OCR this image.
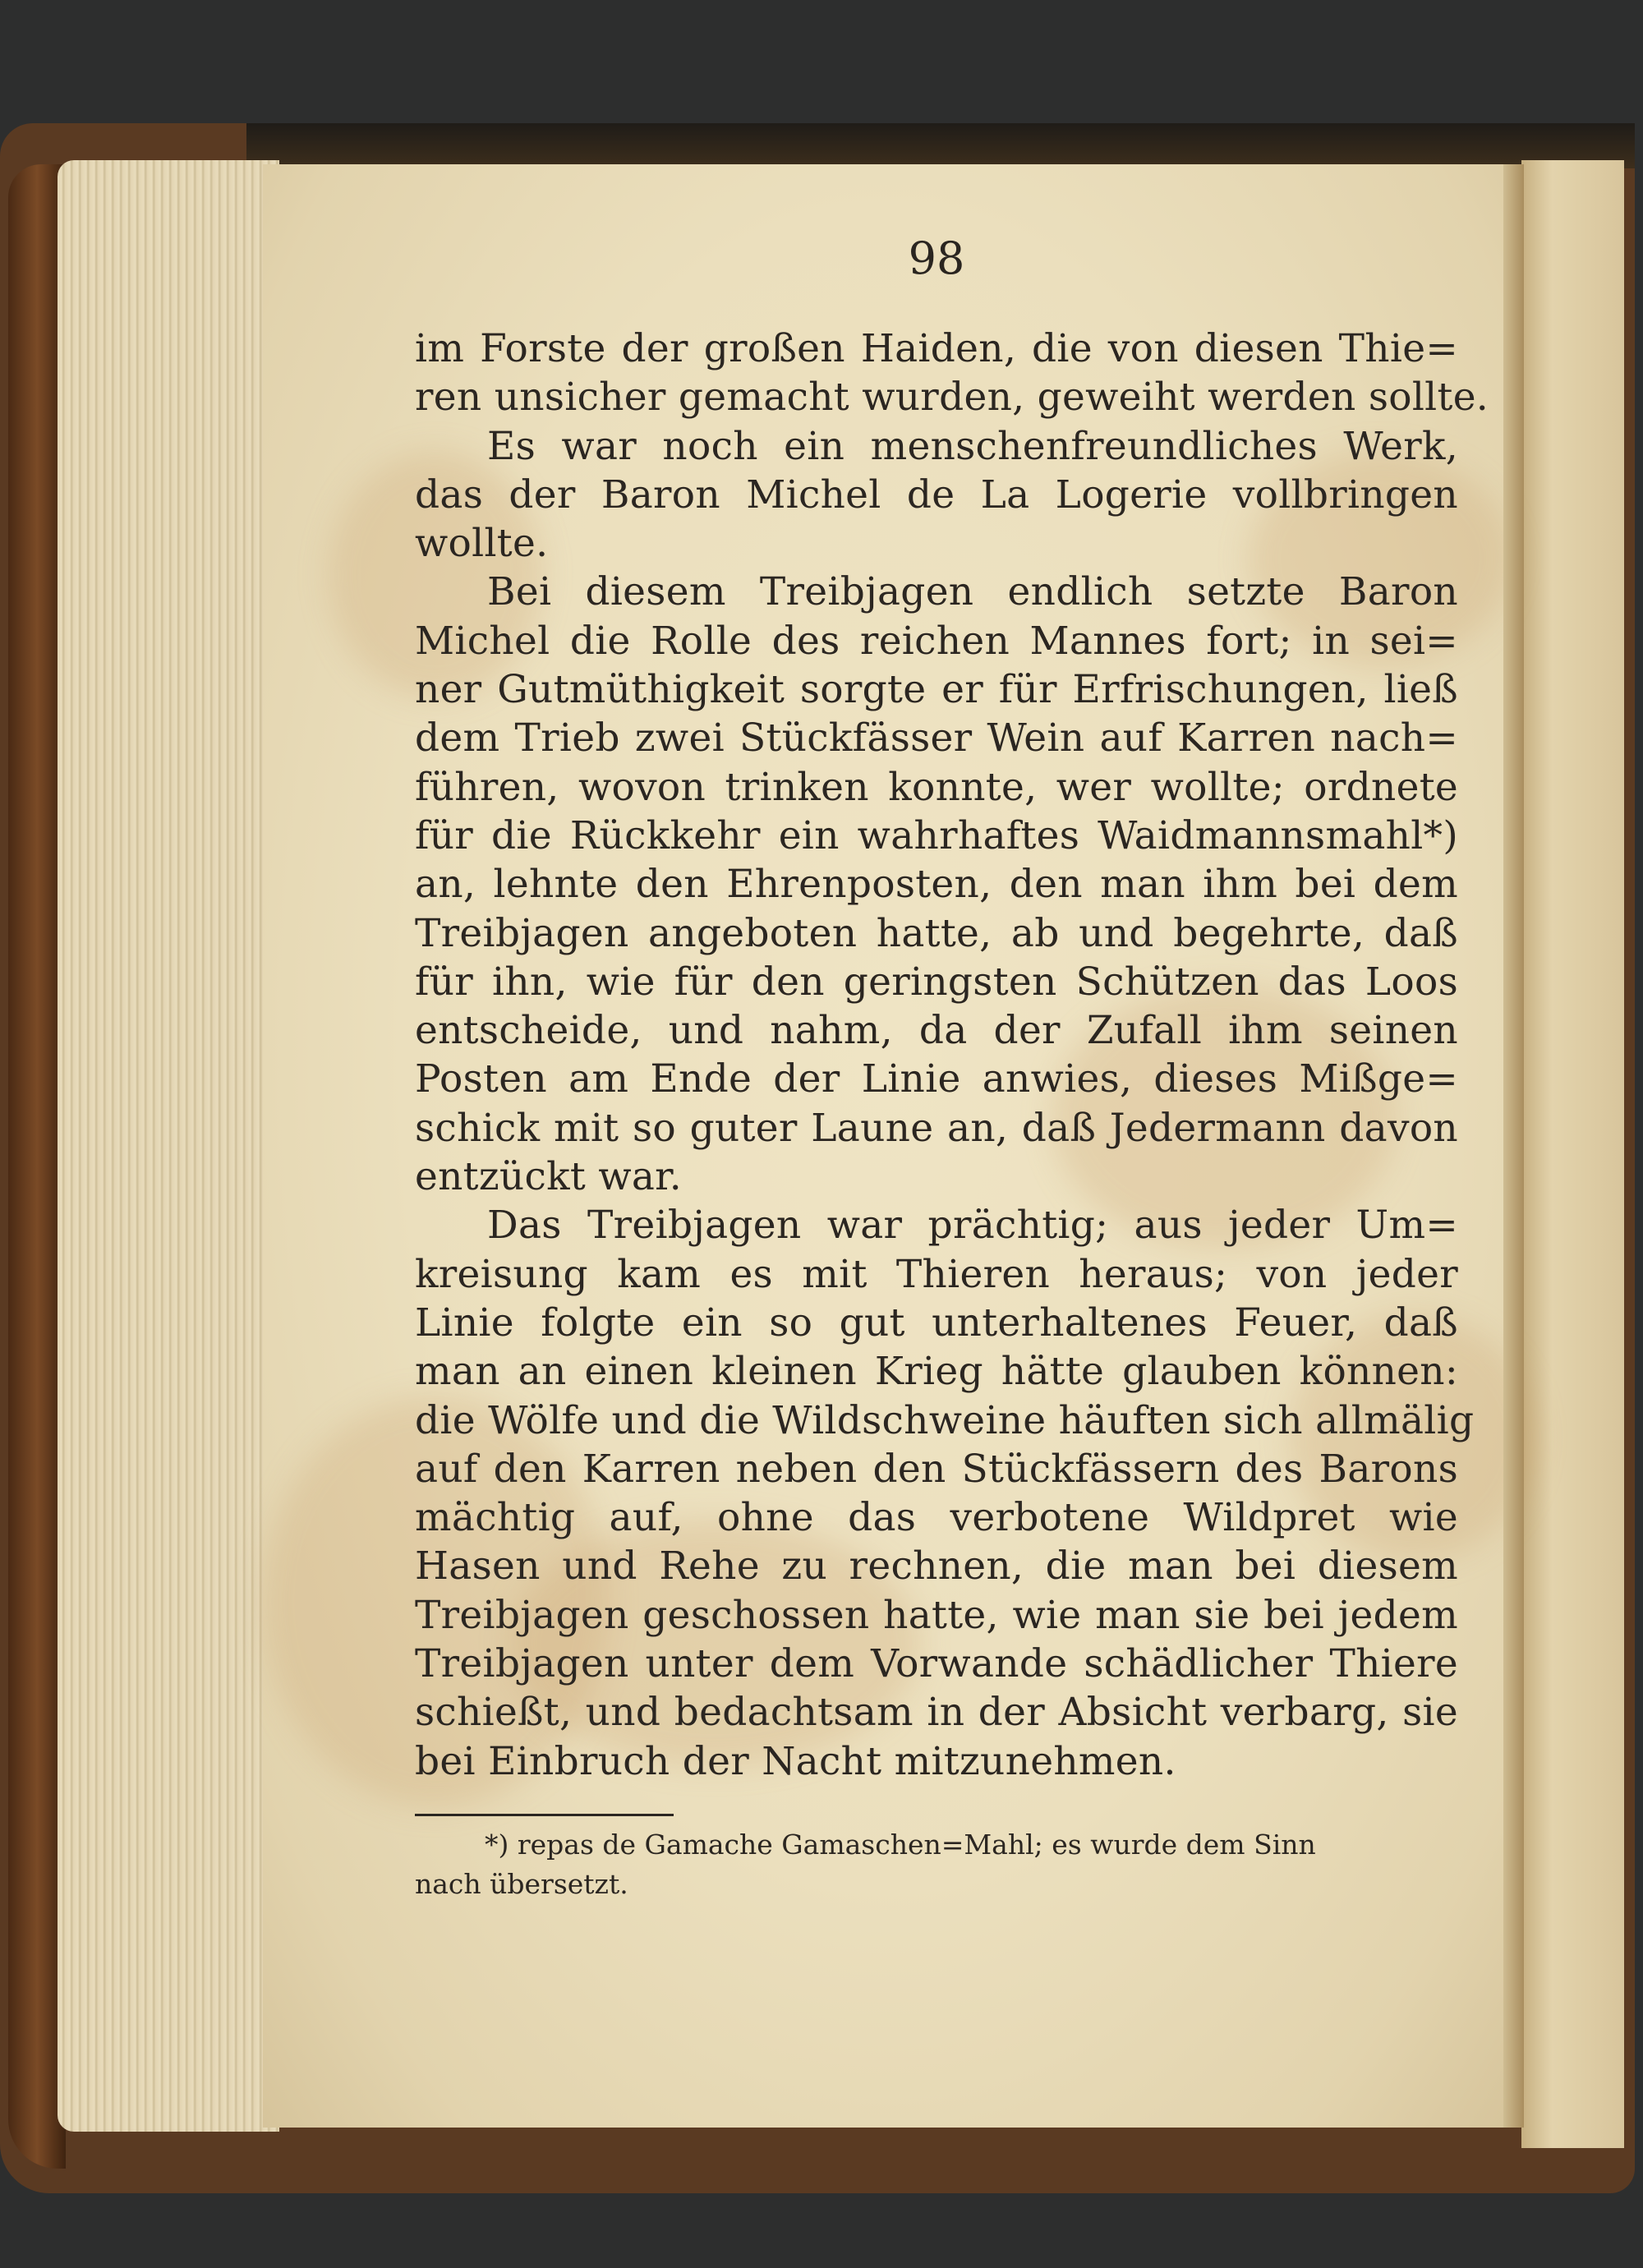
98
im Forste der großen Haiden, die von diesen Thie=
ren unsicher gemacht wurden, geweiht werden sollte.
Es war noch ein menschenfreundliches Werk,
das der Baron Michel de La Logerie vollbringen
wollte.
Bei diesem Treibjagen endlich setzte Baron
Michel die Rolle des reichen Mannes fort; in sei=
ner Gutmüthigkeit sorgte er für Erfrischungen, ließ
dem Trieb zwei Stückfässer Wein auf Karren nach=
führen, wovon trinken konnte, wer wollte; ordnete
für die Rückkehr ein wahrhaftes Waidmannsmahl*)
an, lehnte den Ehrenposten, den man ihm bei dem
Treibjagen angeboten hatte, ab und begehrte, daß
für ihn, wie für den geringsten Schützen das Loos
entscheide, und nahm, da der Zufall ihm seinen
Posten am Ende der Linie anwies, dieses Mißge=
schick mit so guter Laune an, daß Jedermann davon
entzückt war.
Das Treibjagen war prächtig; aus jeder Um=
kreisung kam es mit Thieren heraus; von jeder
Linie folgte ein so gut unterhaltenes Feuer, daß
man an einen kleinen Krieg hätte glauben können:
die Wölfe und die Wildschweine häuften sich allmälig
auf den Karren neben den Stückfässern des Barons
mächtig auf, ohne das verbotene Wildpret wie
Hasen und Rehe zu rechnen, die man bei diesem
Treibjagen geschossen hatte, wie man sie bei jedem
Treibjagen unter dem Vorwande schädlicher Thiere
schießt, und bedachtsam in der Absicht verbarg, sie
bei Einbruch der Nacht mitzunehmen.
*) repas de Gamache Gamaschen=Mahl; es wurde dem Sinn
nach übersetzt.
